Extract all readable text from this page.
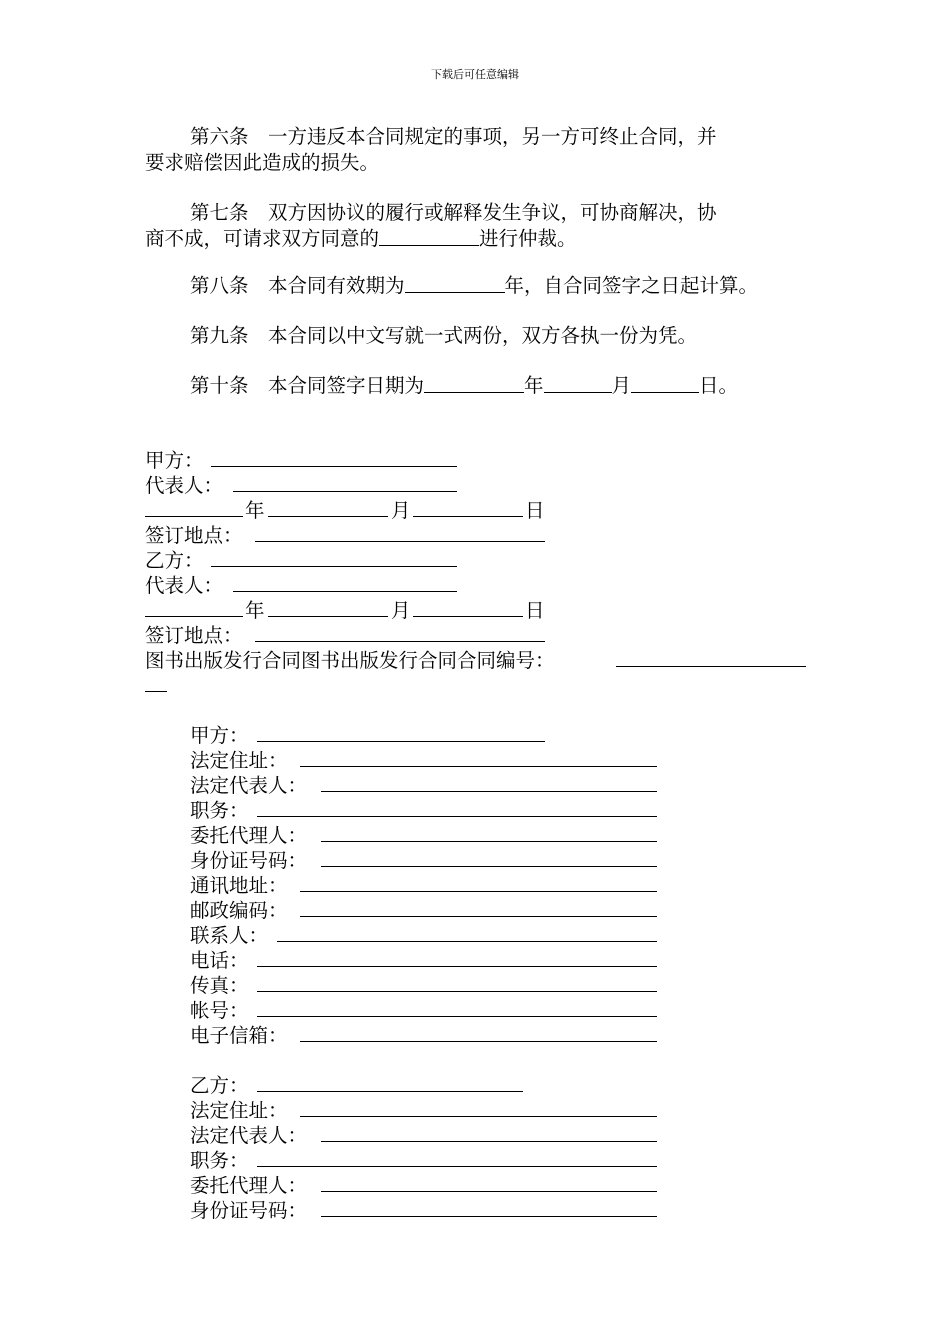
下载后可任意编辑
第六条　一方违反本合同规定的事项，另一方可终止合同，并
要求赔偿因此造成的损失。
第七条　双方因协议的履行或解释发生争议，可协商解决，协
商不成，可请求双方同意的	进行仲裁。
第八条　本合同有效期为	年，自合同签字之日起计算。
第九条　本合同以中文写就一式两份，双方各执一份为凭。
第十条　本合同签字日期为	年	月	日。
甲方：
代表人：
年	月	日
签订地点：
乙方：
代表人：
年	月	日
签订地点：
图书出版发行合同图书出版发行合同合同编号：
甲方：
法定住址：
法定代表人：
职务：
委托代理人：
身份证号码：
通讯地址：
邮政编码：
联系人：
电话：
传真：
帐号：
电子信箱：
乙方：
法定住址：
法定代表人：
职务：
委托代理人：
身份证号码：
